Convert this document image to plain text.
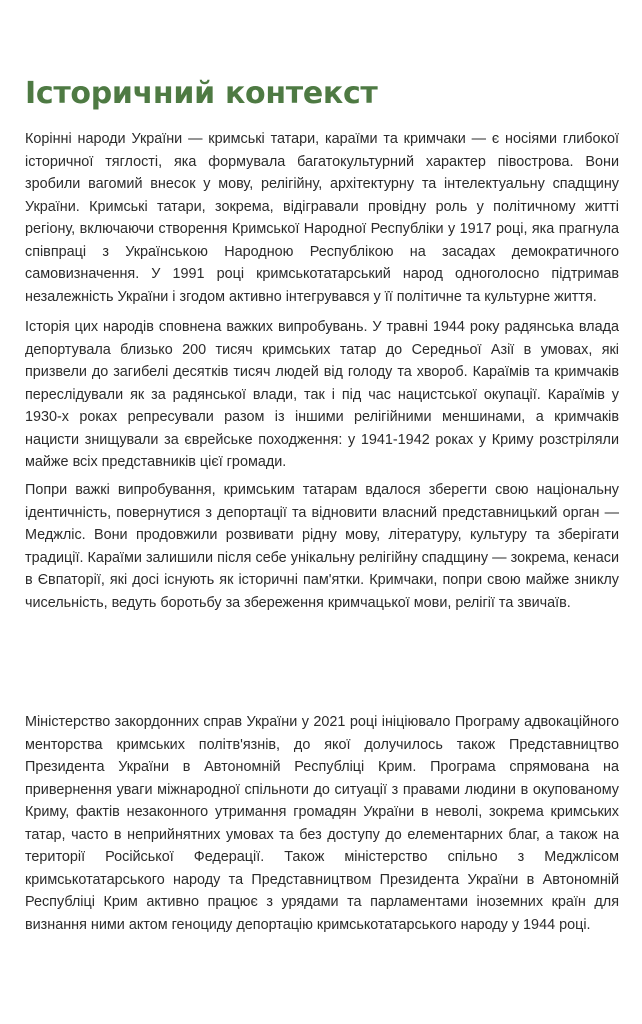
Історичний контекст

Корінні народи України — кримські татари, караїми та кримчаки — є носіями глибокої історичної тяглості, яка формувала багатокультурний характер півострова. Вони зробили вагомий внесок у мову, релігійну, архітектурну та інтелектуальну спадщину України. Кримські татари, зокрема, відігравали провідну роль у політичному житті регіону, включаючи створення Кримської Народної Республіки у 1917 році, яка прагнула співпраці з Українською Народною Республікою на засадах демократичного самовизначення. У 1991 році кримськотатарський народ одноголосно підтримав незалежність України і згодом активно інтегрувався у її політичне та культурне життя.

Історія цих народів сповнена важких випробувань. У травні 1944 року радянська влада депортувала близько 200 тисяч кримських татар до Середньої Азії в умовах, які призвели до загибелі десятків тисяч людей від голоду та хвороб. Караїмів та кримчаків переслідували як за радянської влади, так і під час нацистської окупації. Караїмів у 1930-х роках репресували разом із іншими релігійними меншинами, а кримчаків нацисти знищували за єврейське походження: у 1941-1942 роках у Криму розстріляли майже всіх представників цієї громади.

Попри важкі випробування, кримським татарам вдалося зберегти свою національну ідентичність, повернутися з депортації та відновити власний представницький орган — Меджліс. Вони продовжили розвивати рідну мову, літературу, культуру та зберігати традиції. Караїми залишили після себе унікальну релігійну спадщину — зокрема, кенаси в Євпаторії, які досі існують як історичні пам'ятки. Кримчаки, попри свою майже зниклу чисельність, ведуть боротьбу за збереження кримчацької мови, релігії та звичаїв.

Міністерство закордонних справ України у 2021 році ініціювало Програму адвокаційного менторства кримських політв'язнів, до якої долучилось також Представництво Президента України в Автономній Республіці Крим. Програма спрямована на привернення уваги міжнародної спільноти до ситуації з правами людини в окупованому Криму, фактів незаконного утримання громадян України в неволі, зокрема кримських татар, часто в неприйнятних умовах та без доступу до елементарних благ, а також на території Російської Федерації. Також міністерство спільно з Меджлісом кримськотатарського народу та Представництвом Президента України в Автономній Республіці Крим активно працює з урядами та парламентами іноземних країн для визнання ними актом геноциду депортацію кримськотатарського народу у 1944 році.
